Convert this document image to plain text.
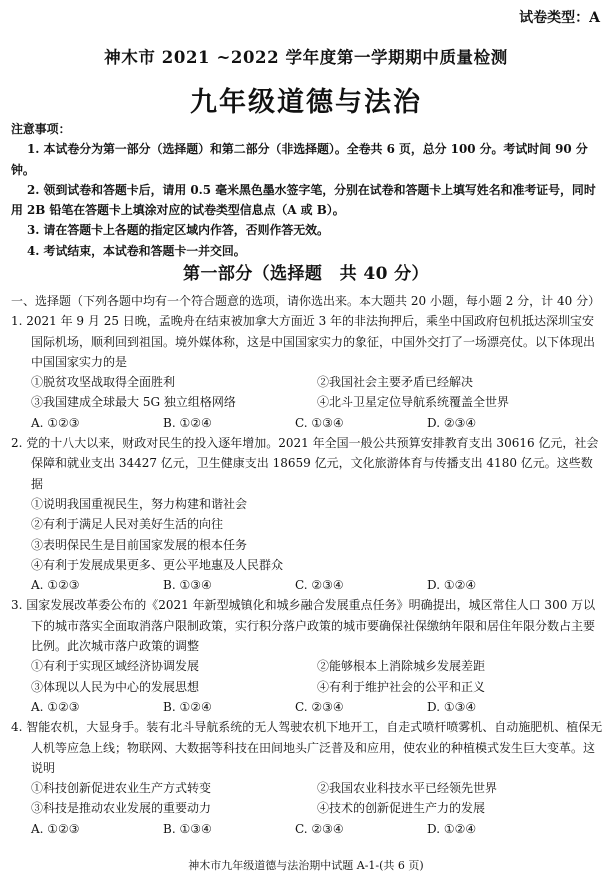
试卷类型：A
神木市 2021 ~2022 学年度第一学期期中质量检测
九年级道德与法治
注意事项：
1. 本试卷分为第一部分（选择题）和第二部分（非选择题）。全卷共 6 页，总分 100 分。考试时间 90 分钟。
2. 领到试卷和答题卡后，请用 0.5 毫米黑色墨水签字笔，分别在试卷和答题卡上填写姓名和准考证号，同时用 2B 铅笔在答题卡上填涂对应的试卷类型信息点（A 或 B）。
3. 请在答题卡上各题的指定区域内作答，否则作答无效。
4. 考试结束，本试卷和答题卡一并交回。
第一部分（选择题　共 40 分）
一、选择题（下列各题中均有一个符合题意的选项，请你选出来。本大题共 20 小题，每小题 2 分，计 40 分）
1. 2021 年 9 月 25 日晚，孟晚舟在结束被加拿大方面近 3 年的非法拘押后，乘坐中国政府包机抵达深圳宝安国际机场，顺利回到祖国。境外媒体称，这是中国国家实力的象征，中国外交打了一场漂亮仗。以下体现出中国国家实力的是
①脱贫攻坚战取得全面胜利	②我国社会主要矛盾已经解决
③我国建成全球最大 5G 独立组格网络	④北斗卫星定位导航系统覆盖全世界
A. ①②③	B. ①②④	C. ①③④	D. ②③④
2. 党的十八大以来，财政对民生的投入逐年增加。2021 年全国一般公共预算安排教育支出 30616 亿元，社会保障和就业支出 34427 亿元，卫生健康支出 18659 亿元，文化旅游体育与传播支出 4180 亿元。这些数据
①说明我国重视民生，努力构建和谐社会
②有利于满足人民对美好生活的向往
③表明保民生是目前国家发展的根本任务
④有利于发展成果更多、更公平地惠及人民群众
A. ①②③	B. ①③④	C. ②③④	D. ①②④
3. 国家发展改革委公布的《2021 年新型城镇化和城乡融合发展重点任务》明确提出，城区常住人口 300 万以下的城市落实全面取消落户限制政策，实行积分落户政策的城市要确保社保缴纳年限和居住年限分数占主要比例。此次城市落户政策的调整
①有利于实现区域经济协调发展	②能够根本上消除城乡发展差距
③体现以人民为中心的发展思想	④有利于维护社会的公平和正义
A. ①②③	B. ①②④	C. ②③④	D. ①③④
4. 智能农机，大显身手。装有北斗导航系统的无人驾驶农机下地开工，自走式喷杆喷雾机、自动施肥机、植保无人机等应急上线；物联网、大数据等科技在田间地头广泛普及和应用，使农业的种植模式发生巨大变革。这说明
①科技创新促进农业生产方式转变	②我国农业科技水平已经领先世界
③科技是推动农业发展的重要动力	④技术的创新促进生产力的发展
A. ①②③	B. ①③④	C. ②③④	D. ①②④
神木市九年级道德与法治期中试题 A-1-(共 6 页)
